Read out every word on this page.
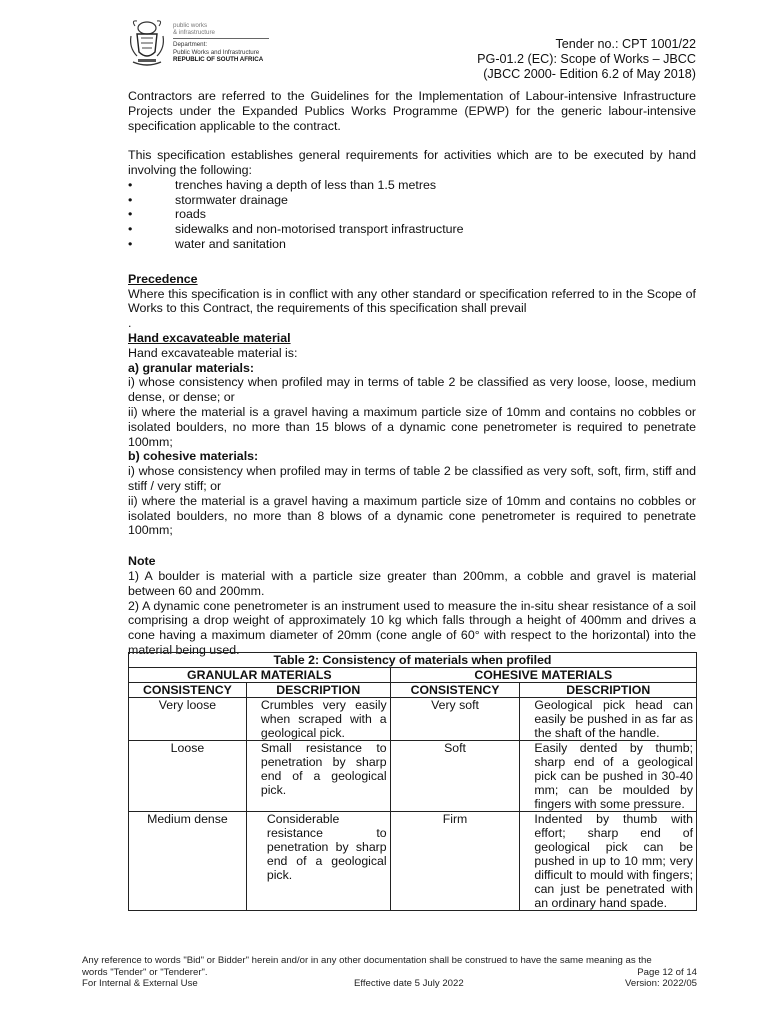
public works
& infrastructure
Department:
Public Works and Infrastructure
REPUBLIC OF SOUTH AFRICA
Tender no.: CPT 1001/22
PG-01.2 (EC): Scope of Works – JBCC
(JBCC 2000- Edition 6.2 of May 2018)

Contractors are referred to the Guidelines for the Implementation of Labour-intensive Infrastructure Projects under the Expanded Publics Works Programme (EPWP) for the generic labour-intensive specification applicable to the contract.

This specification establishes general requirements for activities which are to be executed by hand involving the following:

• trenches having a depth of less than 1.5 metres
• stormwater drainage
• roads
• sidewalks and non-motorised transport infrastructure
• water and sanitation
Precedence

Where this specification is in conflict with any other standard or specification referred to in the Scope of Works to this Contract, the requirements of this specification shall prevail

.
Hand excavateable material
Hand excavateable material is:
a) granular materials:

i) whose consistency when profiled may in terms of table 2 be classified as very loose, loose, medium dense, or dense; or

ii) where the material is a gravel having a maximum particle size of 10mm and contains no cobbles or isolated boulders, no more than 15 blows of a dynamic cone penetrometer is required to penetrate 100mm;

b) cohesive materials:

i) whose consistency when profiled may in terms of table 2 be classified as very soft, soft, firm, stiff and stiff / very stiff; or

ii) where the material is a gravel having a maximum particle size of 10mm and contains no cobbles or isolated boulders, no more than 8 blows of a dynamic cone penetrometer is required to penetrate 100mm;

Note

1) A boulder is material with a particle size greater than 200mm, a cobble and gravel is material between 60 and 200mm.

2) A dynamic cone penetrometer is an instrument used to measure the in-situ shear resistance of a soil comprising a drop weight of approximately 10 kg which falls through a height of 400mm and drives a cone having a maximum diameter of 20mm (cone angle of 60° with respect to the horizontal) into the material being used.

Table 2: Consistency of materials when profiled			
GRANULAR MATERIALS		COHESIVE MATERIALS	
CONSISTENCY	DESCRIPTION	CONSISTENCY	DESCRIPTION
Very loose	Crumbles very easily when scraped with a geological pick.	Very soft	Geological pick head can easily be pushed in as far as the shaft of the handle.
Loose	Small resistance to penetration by sharp end of a geological pick.	Soft	Easily dented by thumb; sharp end of a geological pick can be pushed in 30-40 mm; can be moulded by fingers with some pressure.
Medium dense	Considerable resistance to penetration by sharp end of a geological pick.	Firm	Indented by thumb with effort; sharp end of geological pick can be pushed in up to 10 mm; very difficult to mould with fingers; can just be penetrated with an ordinary hand spade.
Any reference to words "Bid" or Bidder" herein and/or in any other documentation shall be construed to have the same meaning as the
words "Tender" or "Tenderer".	Page 12 of 14
For Internal & External Use	Effective date 5 July 2022	Version: 2022/05
